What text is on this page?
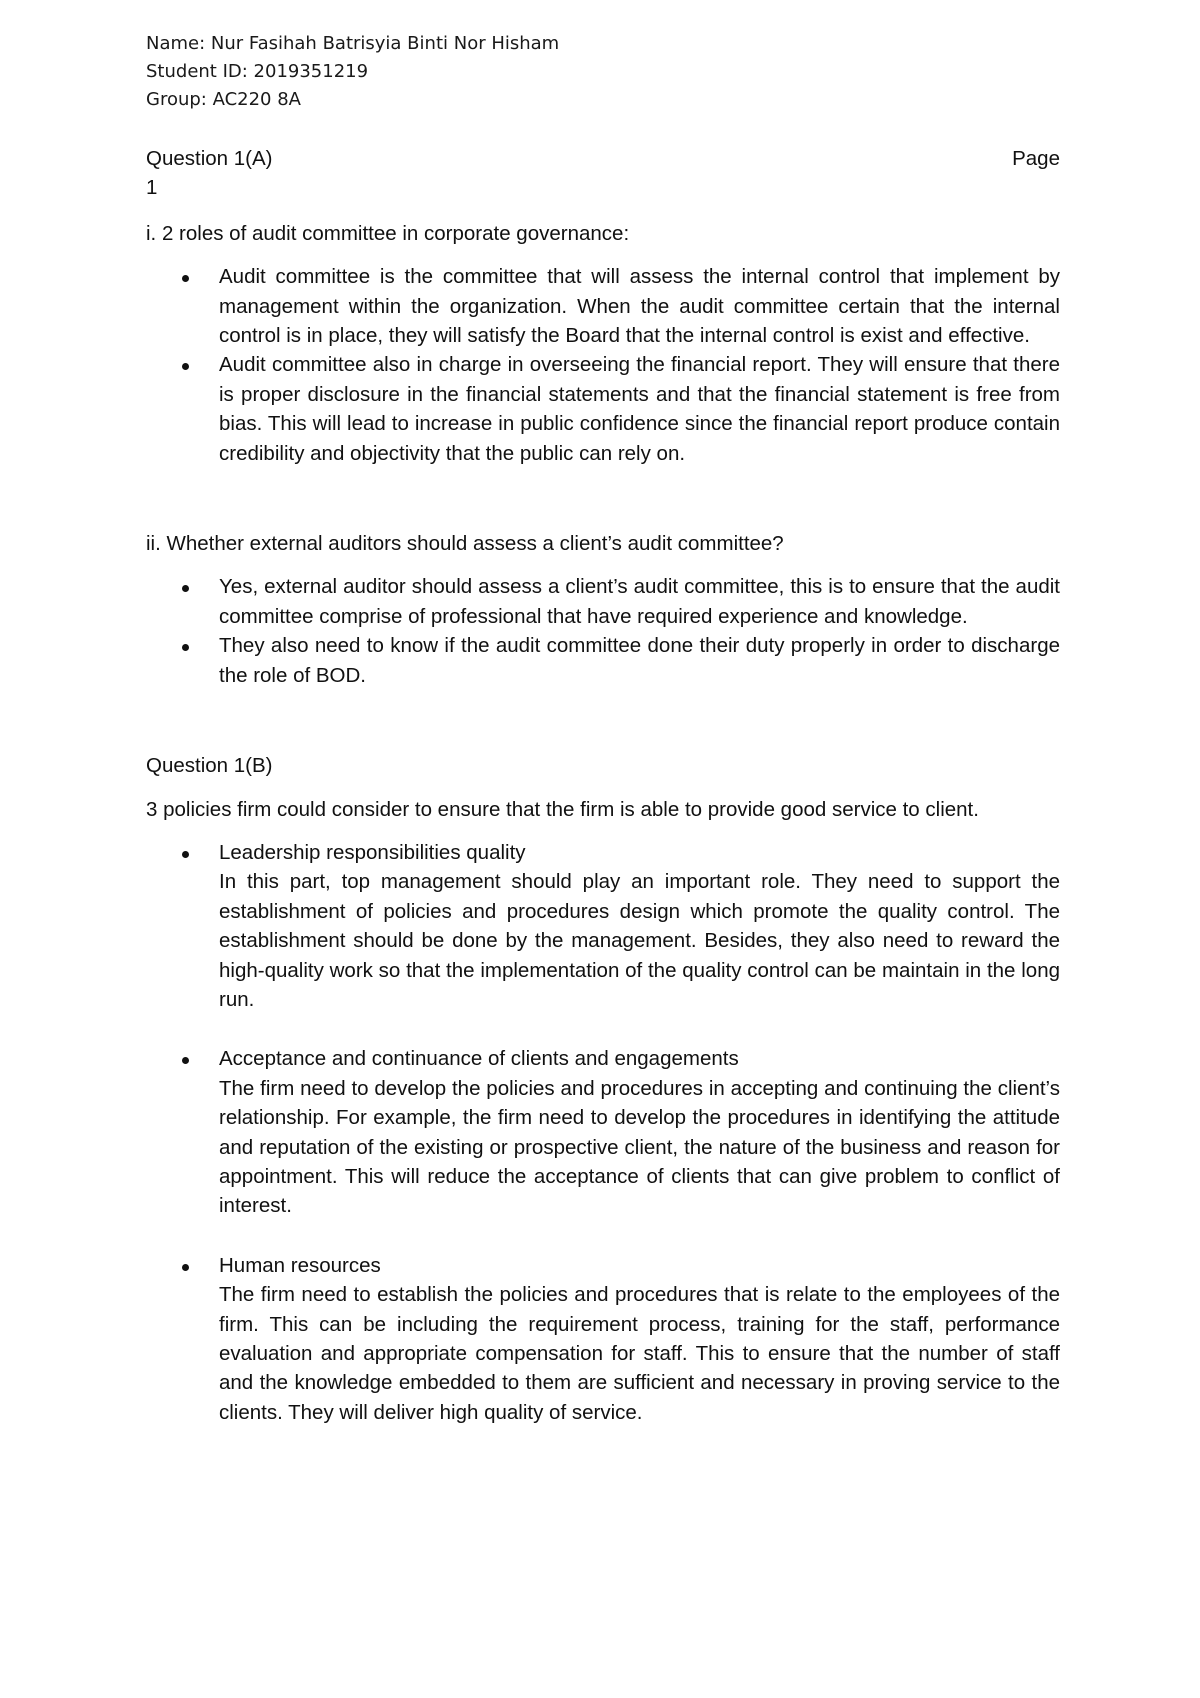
Name: Nur Fasihah Batrisyia Binti Nor Hisham
Student ID: 2019351219
Group: AC220 8A
Question 1(A)	Page

1

i. 2 roles of audit committee in corporate governance:

Audit committee is the committee that will assess the internal control that implement by management within the organization. When the audit committee certain that the internal control is in place, they will satisfy the Board that the internal control is exist and effective.
Audit committee also in charge in overseeing the financial report. They will ensure that there is proper disclosure in the financial statements and that the financial statement is free from bias. This will lead to increase in public confidence since the financial report produce contain credibility and objectivity that the public can rely on.

ii. Whether external auditors should assess a client’s audit committee?

Yes, external auditor should assess a client’s audit committee, this is to ensure that the audit committee comprise of professional that have required experience and knowledge.
They also need to know if the audit committee done their duty properly in order to discharge the role of BOD.

Question 1(B)

3 policies firm could consider to ensure that the firm is able to provide good service to client.

Leadership responsibilities quality
In this part, top management should play an important role. They need to support the establishment of policies and procedures design which promote the quality control. The establishment should be done by the management. Besides, they also need to reward the high-quality work so that the implementation of the quality control can be maintain in the long run.
Acceptance and continuance of clients and engagements
The firm need to develop the policies and procedures in accepting and continuing the client’s relationship. For example, the firm need to develop the procedures in identifying the attitude and reputation of the existing or prospective client, the nature of the business and reason for appointment. This will reduce the acceptance of clients that can give problem to conflict of interest.
Human resources
The firm need to establish the policies and procedures that is relate to the employees of the firm. This can be including the requirement process, training for the staff, performance evaluation and appropriate compensation for staff. This to ensure that the number of staff and the knowledge embedded to them are sufficient and necessary in proving service to the clients. They will deliver high quality of service.
